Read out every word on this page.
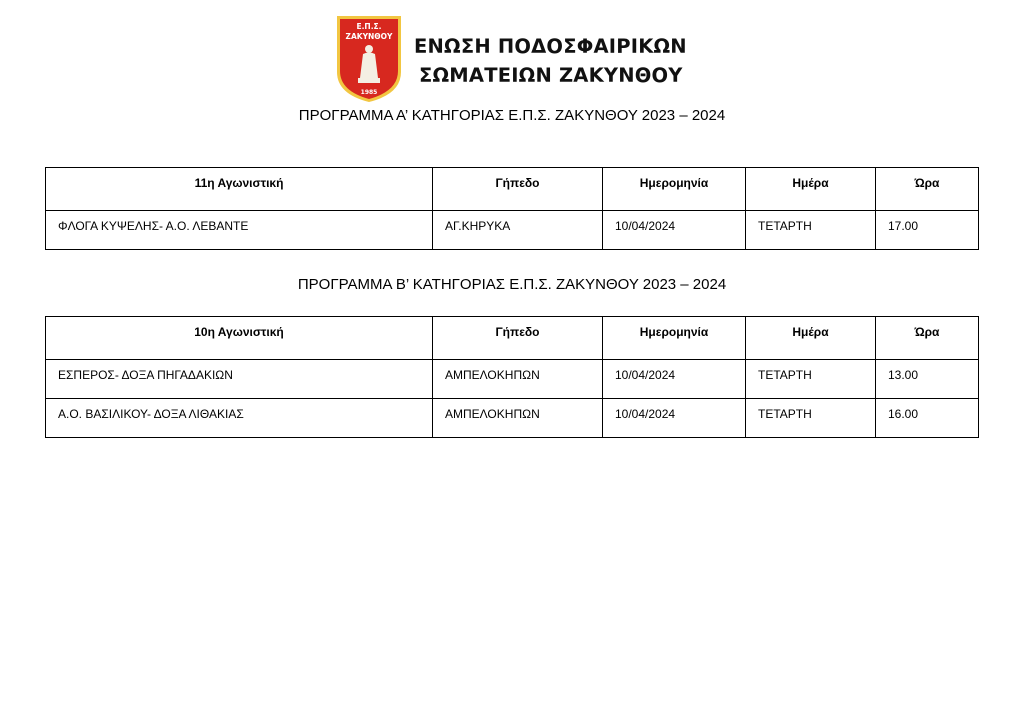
Ε.Π.Σ.
ΖΑΚΥΝΘΟΥ
1985
ΕΝΩΣΗ ΠΟΔΟΣΦΑΙΡΙΚΩΝ
ΣΩΜΑΤΕΙΩΝ ΖΑΚΥΝΘΟΥ
ΠΡΟΓΡΑΜΜΑ Α’ ΚΑΤΗΓΟΡΙΑΣ Ε.Π.Σ. ΖΑΚΥΝΘΟΥ 2023 – 2024
11η Αγωνιστική	Γήπεδο	Ημερομηνία	Ημέρα	Ώρα
ΦΛΟΓΑ ΚΥΨΕΛΗΣ- Α.Ο. ΛΕΒΑΝΤΕ	ΑΓ.ΚΗΡΥΚΑ	10/04/2024	ΤΕΤΑΡΤΗ	17.00
ΠΡΟΓΡΑΜΜΑ Β’ ΚΑΤΗΓΟΡΙΑΣ Ε.Π.Σ. ΖΑΚΥΝΘΟΥ 2023 – 2024
10η Αγωνιστική	Γήπεδο	Ημερομηνία	Ημέρα	Ώρα
ΕΣΠΕΡΟΣ- ΔΟΞΑ ΠΗΓΑΔΑΚΙΩΝ	ΑΜΠΕΛΟΚΗΠΩΝ	10/04/2024	ΤΕΤΑΡΤΗ	13.00
Α.Ο. ΒΑΣΙΛΙΚΟΥ- ΔΟΞΑ ΛΙΘΑΚΙΑΣ	ΑΜΠΕΛΟΚΗΠΩΝ	10/04/2024	ΤΕΤΑΡΤΗ	16.00
